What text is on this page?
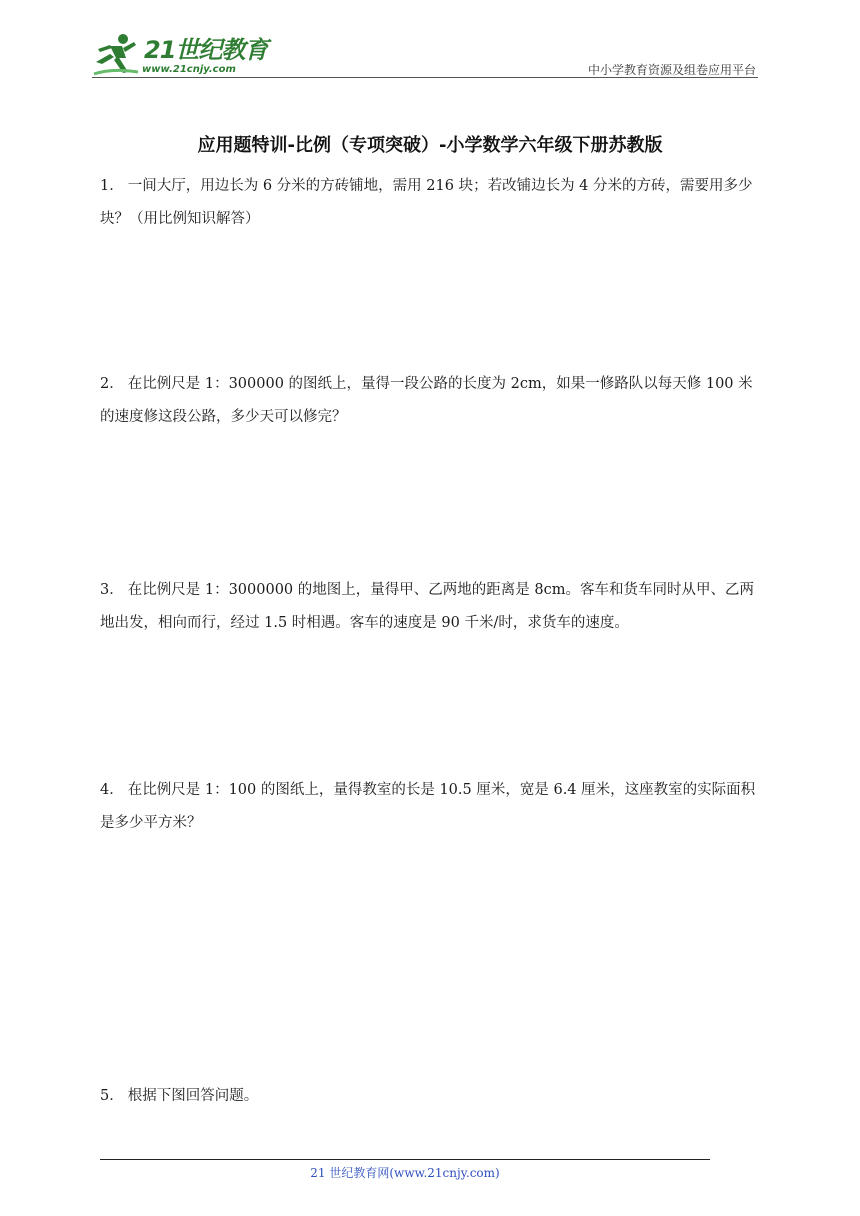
21世纪教育
www.21cnjy.com	中小学教育资源及组卷应用平台
应用题特训-比例（专项突破）-小学数学六年级下册苏教版
1． 一间大厅，用边长为 6 分米的方砖铺地，需用 216 块；若改铺边长为 4 分米的方砖，需要用多少块？（用比例知识解答）
2． 在比例尺是 1：300000 的图纸上，量得一段公路的长度为 2cm，如果一修路队以每天修 100 米的速度修这段公路，多少天可以修完？
3． 在比例尺是 1：3000000 的地图上，量得甲、乙两地的距离是 8cm。客车和货车同时从甲、乙两地出发，相向而行，经过 1.5 时相遇。客车的速度是 90 千米/时，求货车的速度。
4． 在比例尺是 1：100 的图纸上，量得教室的长是 10.5 厘米，宽是 6.4 厘米，这座教室的实际面积是多少平方米？
5． 根据下图回答问题。
21 世纪教育网(www.21cnjy.com)
